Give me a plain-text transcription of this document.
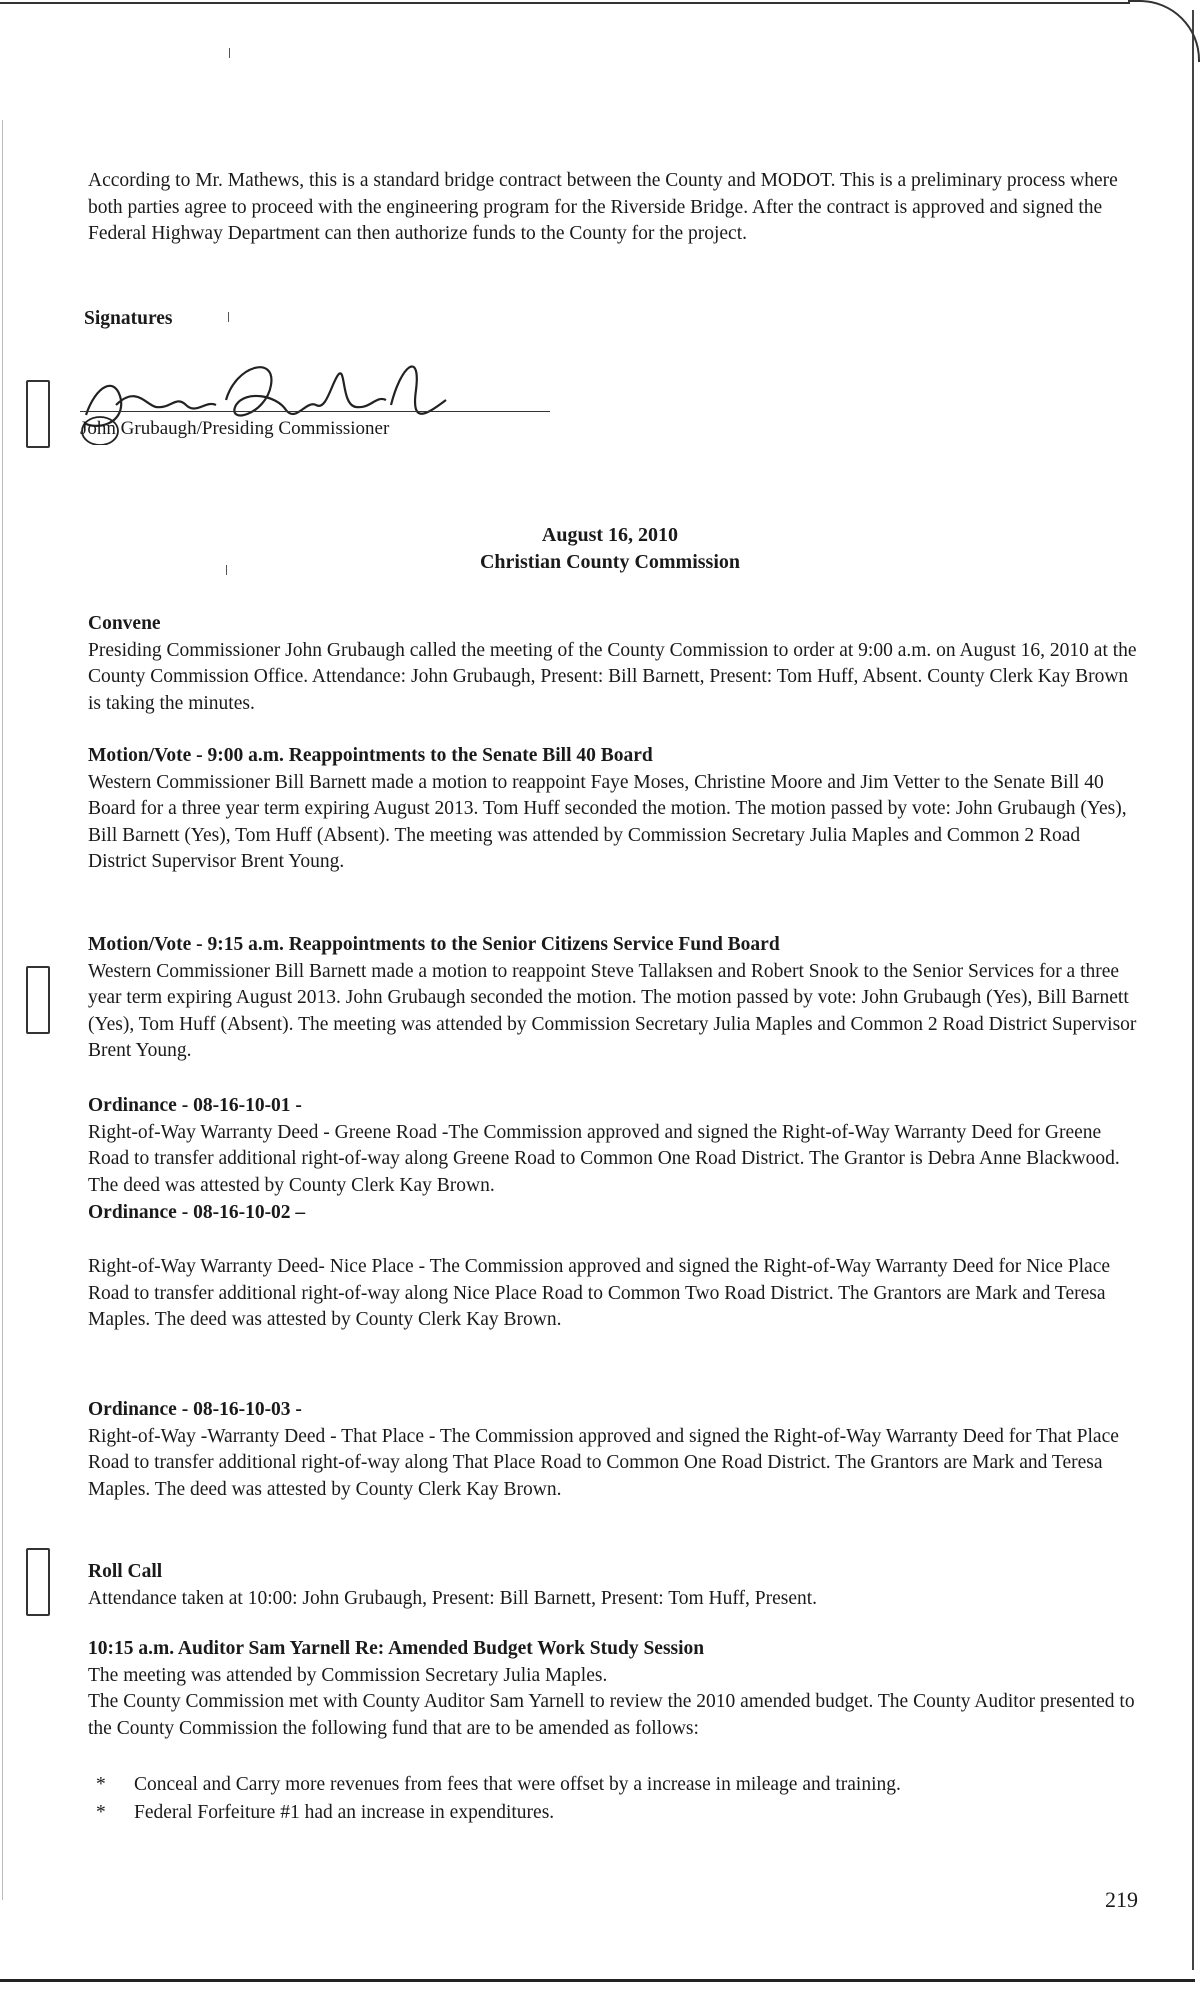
According to Mr. Mathews, this is a standard bridge contract between the County and MODOT. This is a preliminary process where both parties agree to proceed with the engineering program for the Riverside Bridge. After the contract is approved and signed the Federal Highway Department can then authorize funds to the County for the project.

Signatures
John Grubaugh/Presiding Commissioner
August 16, 2010
Christian County Commission

Convene

Presiding Commissioner John Grubaugh called the meeting of the County Commission to order at 9:00 a.m. on August 16, 2010 at the County Commission Office. Attendance: John Grubaugh, Present: Bill Barnett, Present: Tom Huff, Absent. County Clerk Kay Brown is taking the minutes.

Motion/Vote - 9:00 a.m. Reappointments to the Senate Bill 40 Board

Western Commissioner Bill Barnett made a motion to reappoint Faye Moses, Christine Moore and Jim Vetter to the Senate Bill 40 Board for a three year term expiring August 2013. Tom Huff seconded the motion. The motion passed by vote: John Grubaugh (Yes), Bill Barnett (Yes), Tom Huff (Absent). The meeting was attended by Commission Secretary Julia Maples and Common 2 Road District Supervisor Brent Young.

Motion/Vote - 9:15 a.m. Reappointments to the Senior Citizens Service Fund Board

Western Commissioner Bill Barnett made a motion to reappoint Steve Tallaksen and Robert Snook to the Senior Services for a three year term expiring August 2013. John Grubaugh seconded the motion. The motion passed by vote: John Grubaugh (Yes), Bill Barnett (Yes), Tom Huff (Absent). The meeting was attended by Commission Secretary Julia Maples and Common 2 Road District Supervisor Brent Young.

Ordinance - 08-16-10-01 -

Right-of-Way Warranty Deed - Greene Road -The Commission approved and signed the Right-of-Way Warranty Deed for Greene Road to transfer additional right-of-way along Greene Road to Common One Road District. The Grantor is Debra Anne Blackwood. The deed was attested by County Clerk Kay Brown.

Ordinance - 08-16-10-02 –

Right-of-Way Warranty Deed- Nice Place - The Commission approved and signed the Right-of-Way Warranty Deed for Nice Place Road to transfer additional right-of-way along Nice Place Road to Common Two Road District. The Grantors are Mark and Teresa Maples. The deed was attested by County Clerk Kay Brown.

Ordinance - 08-16-10-03 -

Right-of-Way -Warranty Deed - That Place - The Commission approved and signed the Right-of-Way Warranty Deed for That Place Road to transfer additional right-of-way along That Place Road to Common One Road District. The Grantors are Mark and Teresa Maples. The deed was attested by County Clerk Kay Brown.

Roll Call

Attendance taken at 10:00: John Grubaugh, Present: Bill Barnett, Present: Tom Huff, Present.

10:15 a.m. Auditor Sam Yarnell Re: Amended Budget Work Study Session

The meeting was attended by Commission Secretary Julia Maples.

The County Commission met with County Auditor Sam Yarnell to review the 2010 amended budget. The County Auditor presented to the County Commission the following fund that are to be amended as follows:

*	Conceal and Carry more revenues from fees that were offset by a increase in mileage and training.
*	Federal Forfeiture #1 had an increase in expenditures.
219
